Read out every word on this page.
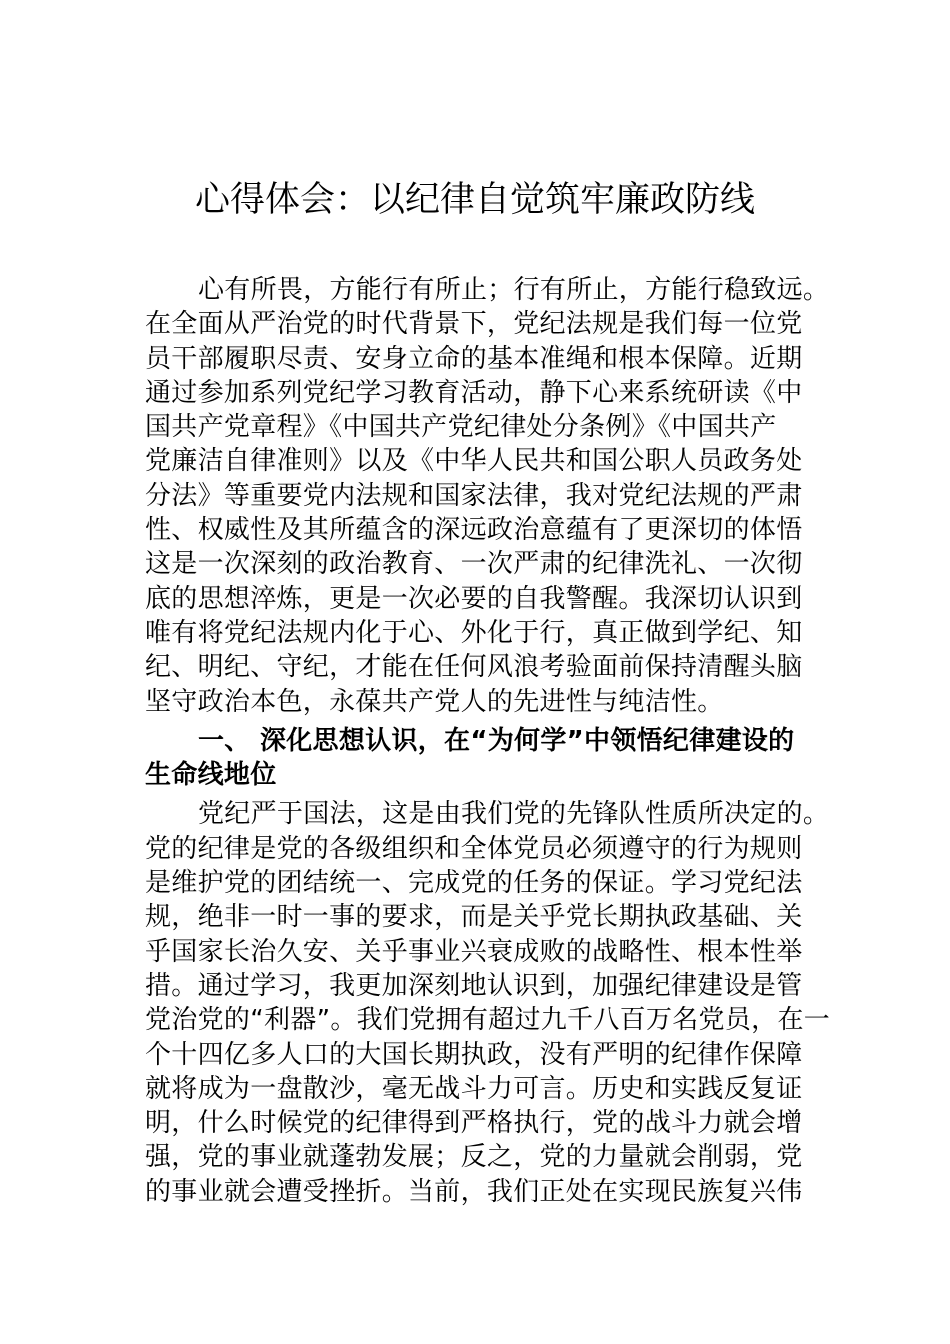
心得体会：以纪律自觉筑牢廉政防线
心有所畏，方能行有所止；行有所止，方能行稳致远。
在全面从严治党的时代背景下，党纪法规是我们每一位党
员干部履职尽责、安身立命的基本准绳和根本保障。近期
通过参加系列党纪学习教育活动，静下心来系统研读《中
国共产党章程》《中国共产党纪律处分条例》《中国共产
党廉洁自律准则》以及《中华人民共和国公职人员政务处
分法》等重要党内法规和国家法律，我对党纪法规的严肃
性、权威性及其所蕴含的深远政治意蕴有了更深切的体悟
这是一次深刻的政治教育、一次严肃的纪律洗礼、一次彻
底的思想淬炼，更是一次必要的自我警醒。我深切认识到
唯有将党纪法规内化于心、外化于行，真正做到学纪、知
纪、明纪、守纪，才能在任何风浪考验面前保持清醒头脑
坚守政治本色，永葆共产党人的先进性与纯洁性。
一、 深化思想认识，在“为何学”中领悟纪律建设的
生命线地位
党纪严于国法，这是由我们党的先锋队性质所决定的。
党的纪律是党的各级组织和全体党员必须遵守的行为规则
是维护党的团结统一、完成党的任务的保证。学习党纪法
规，绝非一时一事的要求，而是关乎党长期执政基础、关
乎国家长治久安、关乎事业兴衰成败的战略性、根本性举
措。通过学习，我更加深刻地认识到，加强纪律建设是管
党治党的“利器”。我们党拥有超过九千八百万名党员，在一
个十四亿多人口的大国长期执政，没有严明的纪律作保障
就将成为一盘散沙，毫无战斗力可言。历史和实践反复证
明，什么时候党的纪律得到严格执行，党的战斗力就会增
强，党的事业就蓬勃发展；反之，党的力量就会削弱，党
的事业就会遭受挫折。当前，我们正处在实现民族复兴伟
